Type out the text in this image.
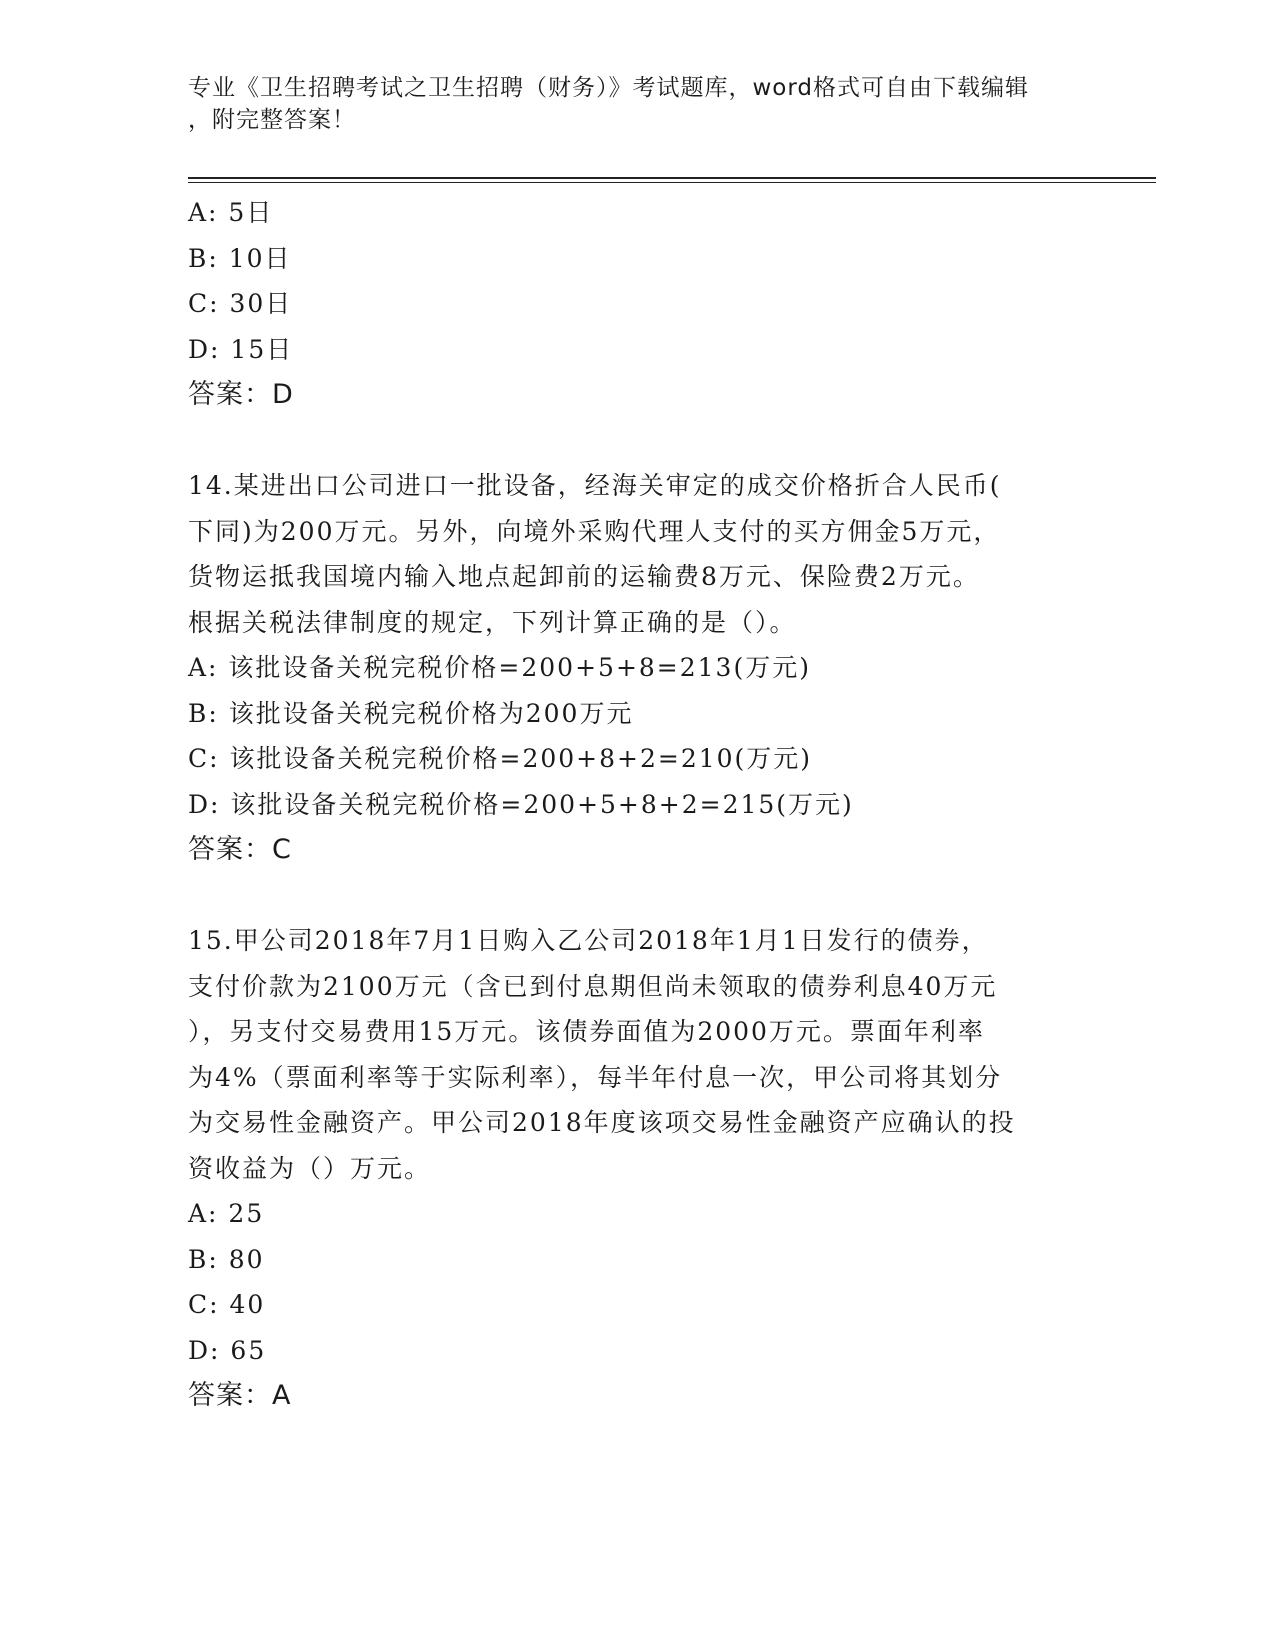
专业《卫生招聘考试之卫生招聘（财务）》考试题库，word格式可自由下载编辑
，附完整答案！
A: 5日
B: 10日
C: 30日
D: 15日
答案：D
14.某进出口公司进口一批设备，经海关审定的成交价格折合人民币(
下同)为200万元。另外，向境外采购代理人支付的买方佣金5万元，
货物运抵我国境内输入地点起卸前的运输费8万元、保险费2万元。
根据关税法律制度的规定，下列计算正确的是（）。
A: 该批设备关税完税价格=200+5+8=213(万元)
B: 该批设备关税完税价格为200万元
C: 该批设备关税完税价格=200+8+2=210(万元)
D: 该批设备关税完税价格=200+5+8+2=215(万元)
答案：C
15.甲公司2018年7月1日购入乙公司2018年1月1日发行的债券，
支付价款为2100万元（含已到付息期但尚未领取的债券利息40万元
），另支付交易费用15万元。该债券面值为2000万元。票面年利率
为4%（票面利率等于实际利率），每半年付息一次，甲公司将其划分
为交易性金融资产。甲公司2018年度该项交易性金融资产应确认的投
资收益为（）万元。
A: 25
B: 80
C: 40
D: 65
答案：A
